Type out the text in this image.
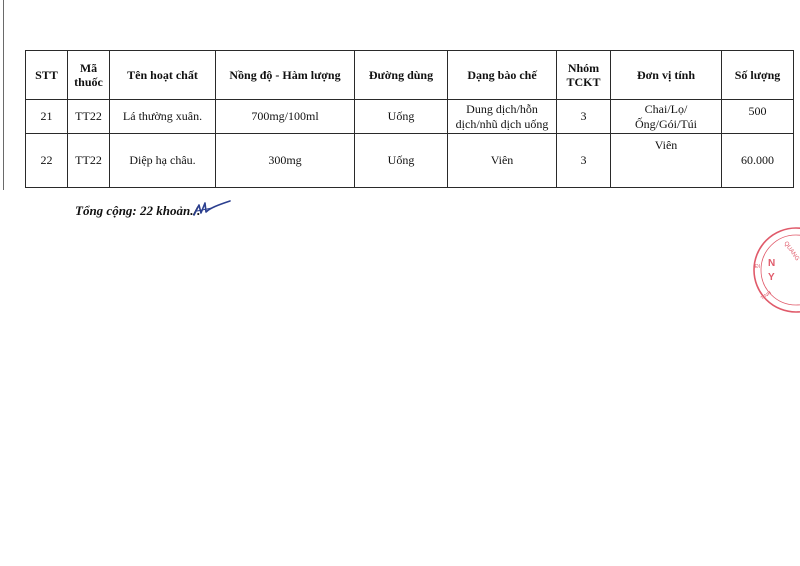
STT	Mã thuốc	Tên hoạt chất	Nồng độ - Hàm lượng	Đường dùng	Dạng bào chế	Nhóm TCKT	Đơn vị tính	Số lượng
21	TT22	Lá thường xuân.	700mg/100ml	Uống	Dung dịch/hỗn dịch/nhũ dịch uống	3	Chai/Lọ/Ống/Gói/Túi	500
22	TT22	Diệp hạ châu.	300mg	Uống	Viên	3	Viên	60.000
Tổng cộng: 22 khoản./.
QUANG
N
Y
TINH
ĐI
